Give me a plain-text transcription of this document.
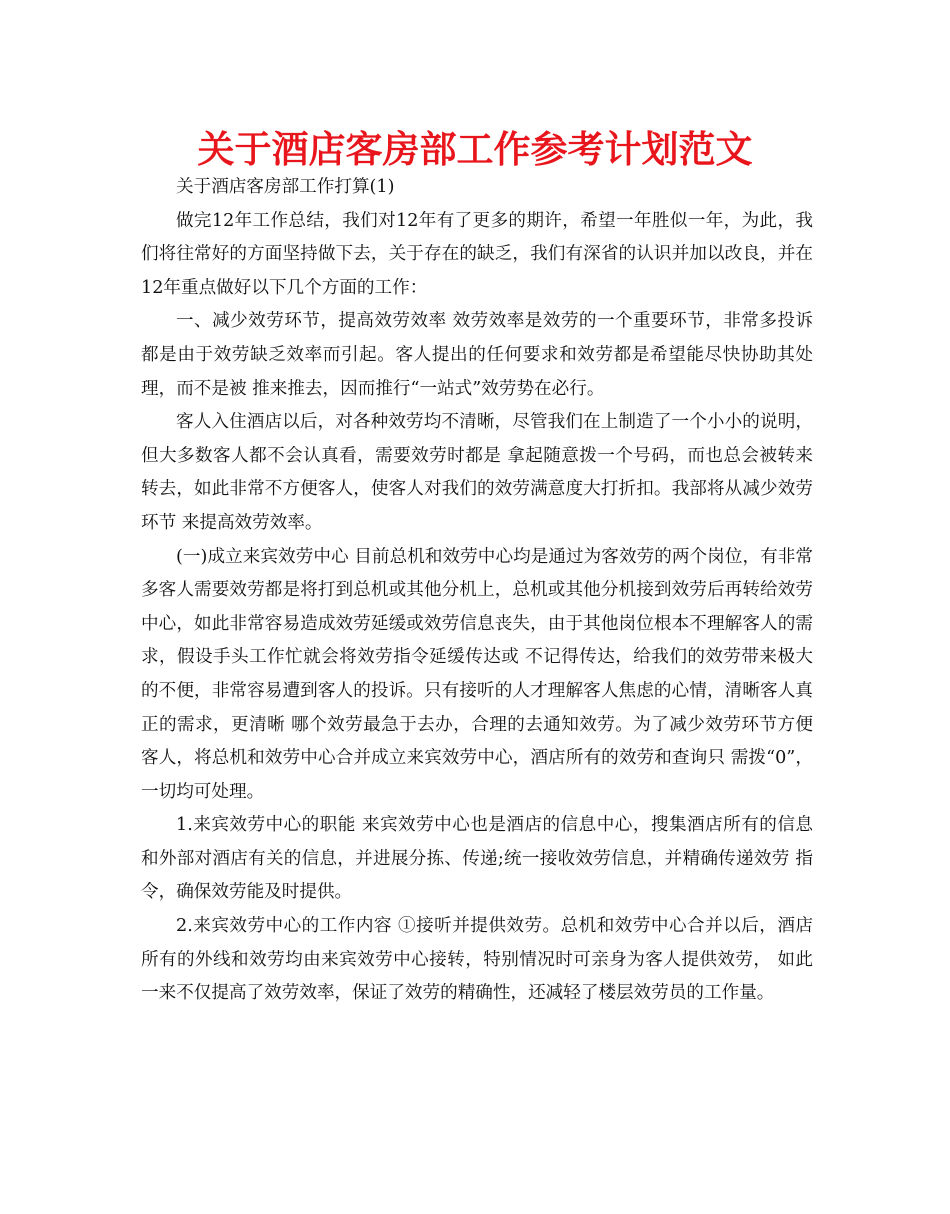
关于酒店客房部工作参考计划范文

关于酒店客房部工作打算(1)

做完12年工作总结，我们对12年有了更多的期许，希望一年胜似一年，为此，我们将往常好的方面坚持做下去，关于存在的缺乏，我们有深省的认识并加以改良，并在12年重点做好以下几个方面的工作：

一、减少效劳环节，提高效劳效率 效劳效率是效劳的一个重要环节，非常多投诉都是由于效劳缺乏效率而引起。客人提出的任何要求和效劳都是希望能尽快协助其处理，而不是被 推来推去，因而推行“一站式”效劳势在必行。

客人入住酒店以后，对各种效劳均不清晰，尽管我们在上制造了一个小小的说明，但大多数客人都不会认真看，需要效劳时都是 拿起随意拨一个号码，而也总会被转来转去，如此非常不方便客人，使客人对我们的效劳满意度大打折扣。我部将从减少效劳环节 来提高效劳效率。

(一)成立来宾效劳中心 目前总机和效劳中心均是通过为客效劳的两个岗位，有非常多客人需要效劳都是将打到总机或其他分机上，总机或其他分机接到效劳后再转给效劳中心，如此非常容易造成效劳延缓或效劳信息丧失，由于其他岗位根本不理解客人的需求，假设手头工作忙就会将效劳指令延缓传达或 不记得传达，给我们的效劳带来极大的不便，非常容易遭到客人的投诉。只有接听的人才理解客人焦虑的心情，清晰客人真正的需求，更清晰 哪个效劳最急于去办，合理的去通知效劳。为了减少效劳环节方便客人，将总机和效劳中心合并成立来宾效劳中心，酒店所有的效劳和查询只 需拨“0”，一切均可处理。

1.来宾效劳中心的职能 来宾效劳中心也是酒店的信息中心，搜集酒店所有的信息和外部对酒店有关的信息，并进展分拣、传递;统一接收效劳信息，并精确传递效劳 指令，确保效劳能及时提供。

2.来宾效劳中心的工作内容 ①接听并提供效劳。总机和效劳中心合并以后，酒店所有的外线和效劳均由来宾效劳中心接转，特别情况时可亲身为客人提供效劳， 如此一来不仅提高了效劳效率，保证了效劳的精确性，还减轻了楼层效劳员的工作量。
